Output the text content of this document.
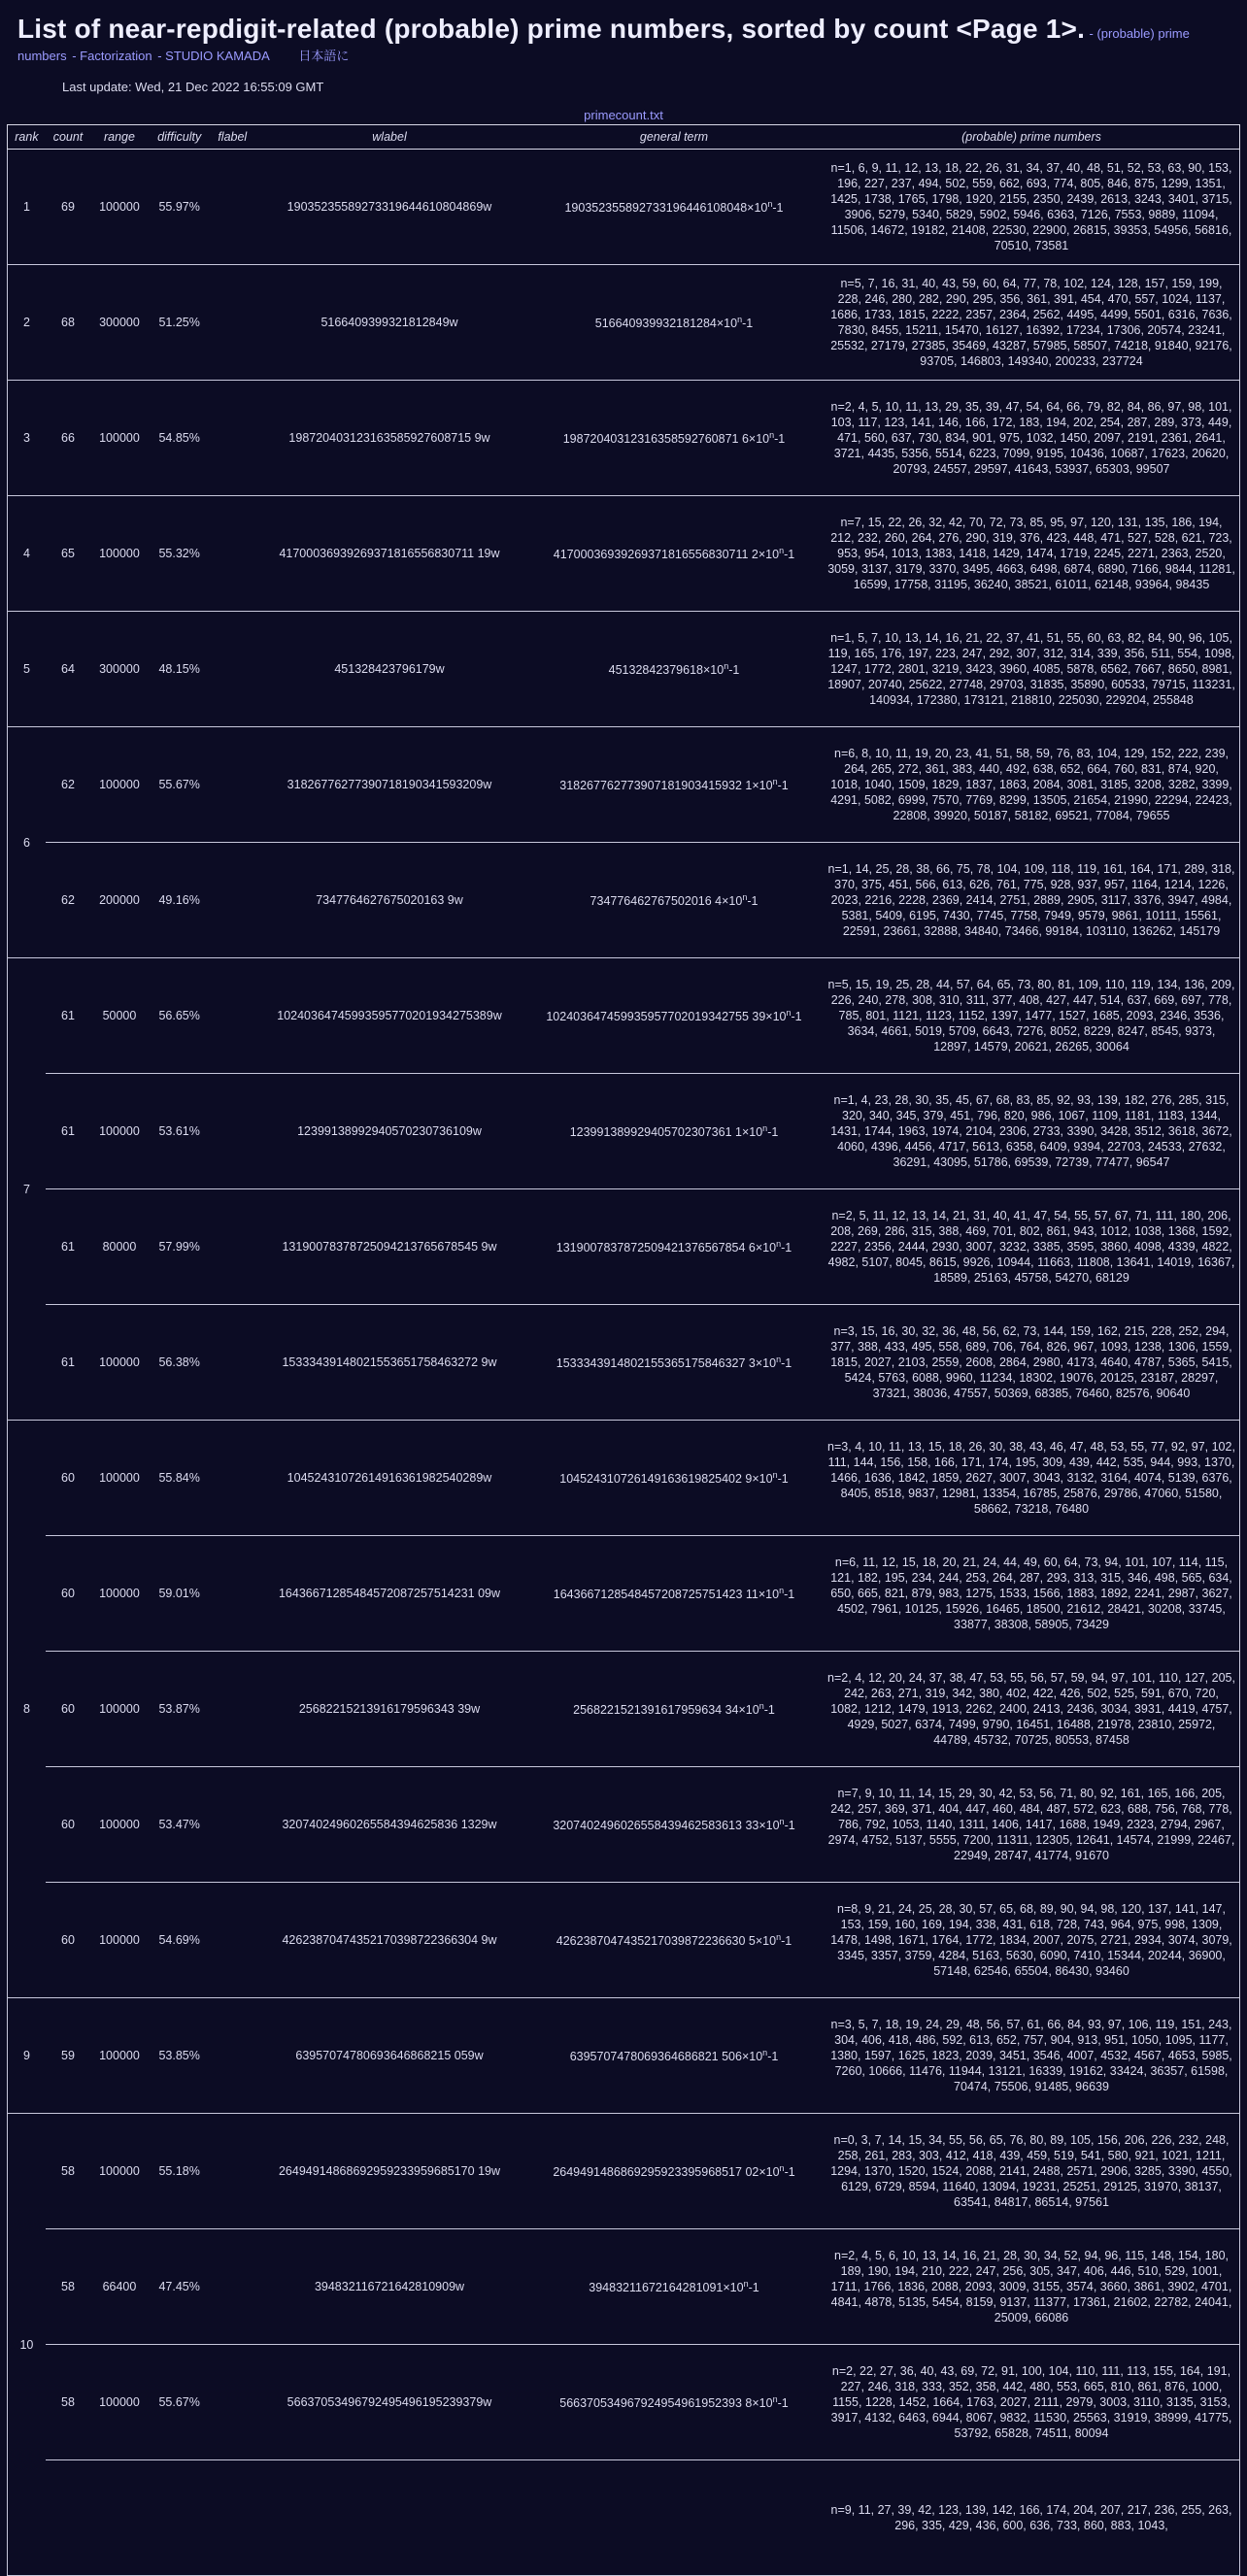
List of near-repdigit-related (probable) prime numbers, sorted by count <Page 1>. - (probable) prime
numbers - Factorization - STUDIO KAMADA 日本語に
Last update: Wed, 21 Dec 2022 16:55:09 GMT
primecount.txt
rank	count	range	difficulty	flabel	wlabel	general term	(probable) prime numbers
1	69	100000	55.97%		19035235589273319644610804869w	$190352355892733196446108048\times 10^n-1$	n=1, 6, 9, 11, 12, 13, 18, 22, 26, 31, 34, 37, 40, 48, 51, 52, 53, 63, 90, 153, 196, 227, 237, 494, 502, 559, 662, 693, 774, 805, 846, 875, 1299, 1351, 1425, 1738, 1765, 1798, 1920, 2155, 2350, 2439, 2613, 3243, 3401, 3715, 3906, 5279, 5340, 5829, 5902, 5946, 6363, 7126, 7553, 9889, 11094, 11506, 14672, 19182, 21408, 22530, 22900, 26815, 39353, 54956, 56816, 70510, 73581
2	68	300000	51.25%		5166409399321812849w	$516640939932181284\times 10^n-1$	n=5, 7, 16, 31, 40, 43, 59, 60, 64, 77, 78, 102, 124, 128, 157, 159, 199, 228, 246, 280, 282, 290, 295, 356, 361, 391, 454, 470, 557, 1024, 1137, 1686, 1733, 1815, 2222, 2357, 2364, 2562, 4495, 4499, 5501, 6316, 7636, 7830, 8455, 15211, 15470, 16127, 16392, 17234, 17306, 20574, 23241, 25532, 27179, 27385, 35469, 43287, 57985, 58507, 74218, 91840, 92176, 93705, 146803, 149340, 200233, 237724
3	66	100000	54.85%		198720403123163585927608715 9w	19872040312316358592760871 $6\times 10^n-1$	n=2, 4, 5, 10, 11, 13, 29, 35, 39, 47, 54, 64, 66, 79, 82, 84, 86, 97, 98, 101, 103, 117, 123, 141, 146, 166, 172, 183, 194, 202, 254, 287, 289, 373, 449, 471, 560, 637, 730, 834, 901, 975, 1032, 1450, 2097, 2191, 2361, 2641, 3721, 4435, 5356, 5514, 6223, 7099, 9195, 10436, 10687, 17623, 20620, 20793, 24557, 29597, 41643, 53937, 65303, 99507
4	65	100000	55.32%		41700036939269371816556830711 19w	41700036939269371816556830711 $2\times 10^n-1$	n=7, 15, 22, 26, 32, 42, 70, 72, 73, 85, 95, 97, 120, 131, 135, 186, 194, 212, 232, 260, 264, 276, 290, 319, 376, 423, 448, 471, 527, 528, 621, 723, 953, 954, 1013, 1383, 1418, 1429, 1474, 1719, 2245, 2271, 2363, 2520, 3059, 3137, 3179, 3370, 3495, 4663, 6498, 6874, 6890, 7166, 9844, 11281, 16599, 17758, 31195, 36240, 38521, 61011, 62148, 93964, 98435
5	64	300000	48.15%		451328423796179w	$45132842379618\times 10^n-1$	n=1, 5, 7, 10, 13, 14, 16, 21, 22, 37, 41, 51, 55, 60, 63, 82, 84, 90, 96, 105, 119, 165, 176, 197, 223, 247, 292, 307, 312, 314, 339, 356, 511, 554, 1098, 1247, 1772, 2801, 3219, 3423, 3960, 4085, 5878, 6562, 7667, 8650, 8981, 18907, 20740, 25622, 27748, 29703, 31835, 35890, 60533, 79715, 113231, 140934, 172380, 173121, 218810, 225030, 229204, 255848
6	62	100000	55.67%		31826776277390718190341593209w	318267762773907181903415932 $1\times 10^n-1$	n=6, 8, 10, 11, 19, 20, 23, 41, 51, 58, 59, 76, 83, 104, 129, 152, 222, 239, 264, 265, 272, 361, 383, 440, 492, 638, 652, 664, 760, 831, 874, 920, 1018, 1040, 1509, 1829, 1837, 1863, 2084, 3081, 3185, 3208, 3282, 3399, 4291, 5082, 6999, 7570, 7769, 8299, 13505, 21654, 21990, 22294, 22423, 22808, 39920, 50187, 58182, 69521, 77084, 79655
	62	200000	49.16%		7347764627675020163 9w	734776462767502016 $4\times 10^n-1$	n=1, 14, 25, 28, 38, 66, 75, 78, 104, 109, 118, 119, 161, 164, 171, 289, 318, 370, 375, 451, 566, 613, 626, 761, 775, 928, 937, 957, 1164, 1214, 1226, 2023, 2216, 2228, 2369, 2414, 2751, 2889, 2905, 3117, 3376, 3947, 4984, 5381, 5409, 6195, 7430, 7745, 7758, 7949, 9579, 9861, 10111, 15561, 22591, 23661, 32888, 34840, 73466, 99184, 103110, 136262, 145179
7	61	50000	56.65%		10240364745993595770201934275389w	102403647459935957702019342755 $39\times 10^n-1$	n=5, 15, 19, 25, 28, 44, 57, 64, 65, 73, 80, 81, 109, 110, 119, 134, 136, 209, 226, 240, 278, 308, 310, 311, 377, 408, 427, 447, 514, 637, 669, 697, 778, 785, 801, 1121, 1123, 1152, 1397, 1477, 1527, 1685, 2093, 2346, 3536, 3634, 4661, 5019, 5709, 6643, 7276, 8052, 8229, 8247, 8545, 9373, 12897, 14579, 20621, 26265, 30064
	61	100000	53.61%		12399138992940570230736109w	123991389929405702307361 $1\times 10^n-1$	n=1, 4, 23, 28, 30, 35, 45, 67, 68, 83, 85, 92, 93, 139, 182, 276, 285, 315, 320, 340, 345, 379, 451, 796, 820, 986, 1067, 1109, 1181, 1183, 1344, 1431, 1744, 1963, 1974, 2104, 2306, 2733, 3390, 3428, 3512, 3618, 3672, 4060, 4396, 4456, 4717, 5613, 6358, 6409, 9394, 22703, 24533, 27632, 36291, 43095, 51786, 69539, 72739, 77477, 96547
	61	80000	57.99%		13190078378725094213765678545 9w	1319007837872509421376567854 $6\times 10^n-1$	n=2, 5, 11, 12, 13, 14, 21, 31, 40, 41, 47, 54, 55, 57, 67, 71, 111, 180, 206, 208, 269, 286, 315, 388, 469, 701, 802, 861, 943, 1012, 1038, 1368, 1592, 2227, 2356, 2444, 2930, 3007, 3232, 3385, 3595, 3860, 4098, 4339, 4822, 4982, 5107, 8045, 8615, 9926, 10944, 11663, 11808, 13641, 14019, 16367, 18589, 25163, 45758, 54270, 68129
	61	100000	56.38%		15333439148021553651758463272 9w	1533343914802155365175846327 $3\times 10^n-1$	n=3, 15, 16, 30, 32, 36, 48, 56, 62, 73, 144, 159, 162, 215, 228, 252, 294, 377, 388, 433, 495, 558, 689, 706, 764, 826, 967, 1093, 1238, 1306, 1559, 1815, 2027, 2103, 2559, 2608, 2864, 2980, 4173, 4640, 4787, 5365, 5415, 5424, 5763, 6088, 9960, 11234, 18302, 19076, 20125, 23187, 28297, 37321, 38036, 47557, 50369, 68385, 76460, 82576, 90640
8	60	100000	55.84%		10452431072614916361982540289w	104524310726149163619825402 $9\times 10^n-1$	n=3, 4, 10, 11, 13, 15, 18, 26, 30, 38, 43, 46, 47, 48, 53, 55, 77, 92, 97, 102, 111, 144, 156, 158, 166, 171, 174, 195, 309, 439, 442, 535, 944, 993, 1370, 1466, 1636, 1842, 1859, 2627, 3007, 3043, 3132, 3164, 4074, 5139, 6376, 8405, 8518, 9837, 12981, 13354, 16785, 25876, 29786, 47060, 51580, 58662, 73218, 76480
	60	100000	59.01%		16436671285484572087257514231 09w	1643667128548457208725751423 $11\times 10^n-1$	n=6, 11, 12, 15, 18, 20, 21, 24, 44, 49, 60, 64, 73, 94, 101, 107, 114, 115, 121, 182, 195, 234, 244, 253, 264, 287, 293, 313, 315, 346, 498, 565, 634, 650, 665, 821, 879, 983, 1275, 1533, 1566, 1883, 1892, 2241, 2987, 3627, 4502, 7961, 10125, 15926, 16465, 18500, 21612, 28421, 30208, 33745, 33877, 38308, 58905, 73429
	60	100000	53.87%		25682215213916179596343 39w	2568221521391617959634 $34\times 10^n-1$	n=2, 4, 12, 20, 24, 37, 38, 47, 53, 55, 56, 57, 59, 94, 97, 101, 110, 127, 205, 242, 263, 271, 319, 342, 380, 402, 422, 426, 502, 525, 591, 670, 720, 1082, 1212, 1479, 1913, 2262, 2400, 2413, 2436, 3034, 3931, 4419, 4757, 4929, 5027, 6374, 7499, 9790, 16451, 16488, 21978, 23810, 25972, 44789, 45732, 70725, 80553, 87458
	60	100000	53.47%		32074024960265584394625836 1329w	3207402496026558439462583613 $33\times 10^n-1$	n=7, 9, 10, 11, 14, 15, 29, 30, 42, 53, 56, 71, 80, 92, 161, 165, 166, 205, 242, 257, 369, 371, 404, 447, 460, 484, 487, 572, 623, 688, 756, 768, 778, 786, 792, 1053, 1140, 1311, 1406, 1417, 1688, 1949, 2323, 2794, 2967, 2974, 4752, 5137, 5555, 7200, 11311, 12305, 12641, 14574, 21999, 22467, 22949, 28747, 41774, 91670
	60	100000	54.69%		42623870474352170398722366304 9w	4262387047435217039872236630 $5\times 10^n-1$	n=8, 9, 21, 24, 25, 28, 30, 57, 65, 68, 89, 90, 94, 98, 120, 137, 141, 147, 153, 159, 160, 169, 194, 338, 431, 618, 728, 743, 964, 975, 998, 1309, 1478, 1498, 1671, 1764, 1772, 1834, 2007, 2075, 2721, 2934, 3074, 3079, 3345, 3357, 3759, 4284, 5163, 5630, 6090, 7410, 15344, 20244, 36900, 57148, 62546, 65504, 86430, 93460
9	59	100000	53.85%		63957074780693646868215 059w	6395707478069364686821 $506\times 10^n-1$	n=3, 5, 7, 18, 19, 24, 29, 48, 56, 57, 61, 66, 84, 93, 97, 106, 119, 151, 243, 304, 406, 418, 486, 592, 613, 652, 757, 904, 913, 951, 1050, 1095, 1177, 1380, 1597, 1625, 1823, 2039, 3451, 3546, 4007, 4532, 4567, 4653, 5985, 7260, 10666, 11476, 11944, 13121, 16339, 19162, 33424, 36357, 61598, 70474, 75506, 91485, 96639
10	58	100000	55.18%		26494914868692959233959685170 19w	2649491486869295923395968517 $02\times 10^n-1$	n=0, 3, 7, 14, 15, 34, 55, 56, 65, 76, 80, 89, 105, 156, 206, 226, 232, 248, 258, 261, 283, 303, 412, 418, 439, 459, 519, 541, 580, 921, 1021, 1211, 1294, 1370, 1520, 1524, 2088, 2141, 2488, 2571, 2906, 3285, 3390, 4550, 6129, 6729, 8594, 11640, 13094, 19231, 25251, 29125, 31970, 38137, 63541, 84817, 86514, 97561
	58	66400	47.45%		394832116721642810909w	$39483211672164281091\times 10^n-1$	n=2, 4, 5, 6, 10, 13, 14, 16, 21, 28, 30, 34, 52, 94, 96, 115, 148, 154, 180, 189, 190, 194, 210, 222, 247, 256, 305, 347, 406, 446, 510, 529, 1001, 1711, 1766, 1836, 2088, 2093, 3009, 3155, 3574, 3660, 3861, 3902, 4701, 4841, 4878, 5135, 5454, 8159, 9137, 11377, 17361, 21602, 22782, 24041, 25009, 66086
	58	100000	55.67%		56637053496792495496195239379w	566370534967924954961952393 $8\times 10^n-1$	n=2, 22, 27, 36, 40, 43, 69, 72, 91, 100, 104, 110, 111, 113, 155, 164, 191, 227, 246, 318, 333, 352, 358, 442, 480, 553, 665, 810, 861, 876, 1000, 1155, 1228, 1452, 1664, 1763, 2027, 2111, 2979, 3003, 3110, 3135, 3153, 3917, 4132, 6463, 6944, 8067, 9832, 11530, 25563, 31919, 38999, 41775, 53792, 65828, 74511, 80094
							n=9, 11, 27, 39, 42, 123, 139, 142, 166, 174, 204, 207, 217, 236, 255, 263, 296, 335, 429, 436, 600, 636, 733, 860, 883, 1043,
